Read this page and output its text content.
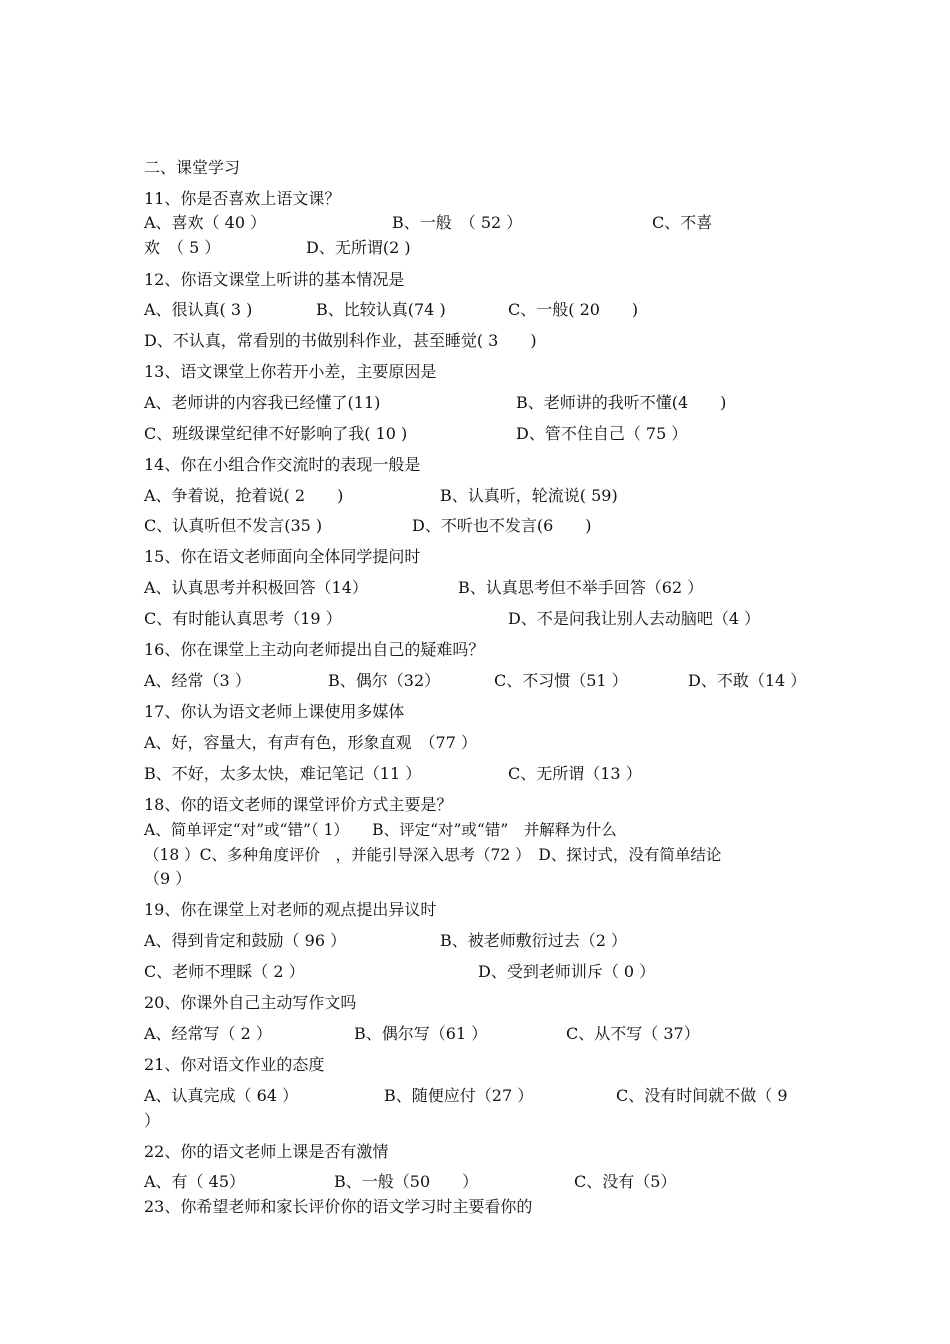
二、课堂学习
11、你是否喜欢上语文课？
A、喜欢（ 40 ）	B、一般　（ 52 ）	C、不喜
欢　（ 5 ）	D、无所谓(2 )
12、你语文课堂上听讲的基本情况是
A、很认真( 3 )	B、比较认真(74 )	C、一般( 20　　)
D、不认真，常看别的书做别科作业，甚至睡觉( 3　　)
13、语文课堂上你若开小差，主要原因是
A、老师讲的内容我已经懂了(11)	B、老师讲的我听不懂(4　　)
C、班级课堂纪律不好影响了我( 10 )	D、管不住自己（ 75 ）
14、你在小组合作交流时的表现一般是
A、争着说，抢着说( 2　　)	B、认真听，轮流说( 59)
C、认真听但不发言(35 )	D、不听也不发言(6　　)
15、你在语文老师面向全体同学提问时
A、认真思考并积极回答（14）	B、认真思考但不举手回答（62 ）
C、有时能认真思考（19 ）	D、不是问我让别人去动脑吧（4 ）
16、你在课堂上主动向老师提出自己的疑难吗？
A、经常（3 ）	B、偶尔（32）	C、不习惯（51 ）	D、不敢（14 ）
17、你认为语文老师上课使用多媒体
A、好，容量大，有声有色，形象直观　（77 ）
B、不好，太多太快，难记笔记（11 ）	C、无所谓（13 ）
18、你的语文老师的课堂评价方式主要是？
A、简单评定“对”或“错”（ 1）　　B、评定“对”或“错”　并解释为什么
（18 ）C、多种角度评价　，并能引导深入思考（72 ）　D、探讨式，没有简单结论
（9 ）
19、你在课堂上对老师的观点提出异议时
A、得到肯定和鼓励（ 96 ）	B、被老师敷衍过去（2 ）
C、老师不理睬（ 2 ）	D、受到老师训斥（ 0 ）
20、你课外自己主动写作文吗
A、经常写（ 2 ）	B、偶尔写（61 ）	C、从不写（ 37）
21、你对语文作业的态度
A、认真完成（ 64 ）	B、随便应付（27 ）	C、没有时间就不做（ 9
）
22、你的语文老师上课是否有激情
A、有（ 45）	B、一般（50　　）	C、没有（5）
23、你希望老师和家长评价你的语文学习时主要看你的
